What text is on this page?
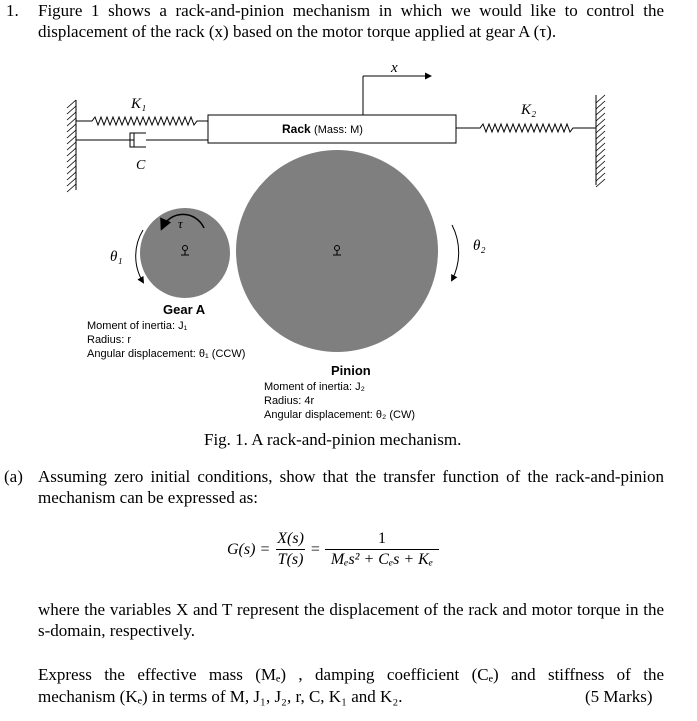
1. Figure 1 shows a rack-and-pinion mechanism in which we would like to control the
displacement of the rack (x) based on the motor torque applied at gear A (τ).
x
K₁	K₂
C
Rack (Mass: M)
τ
θ₁
θ₂
Gear A
Moment of inertia: J₁
Radius: r
Angular displacement: θ₁ (CCW)
Pinion
Moment of inertia: J₂
Radius: 4r
Angular displacement: θ₂ (CW)
Fig. 1. A rack-and-pinion mechanism.
(a) Assuming zero initial conditions, show that the transfer function of the rack-and-pinion
mechanism can be expressed as:
$G(s) = \frac{X(s)}{T(s)} = \frac{1}{\text{Mₑs² + Cₑs + Kₑ}}$
where the variables X and T represent the displacement of the rack and motor torque in the
s-domain, respectively.
Express the effective mass (Mₑ) , damping coefficient (Cₑ) and stiffness of the
mechanism (Kₑ) in terms of M, J₁, J₂, r, C, K₁ and K₂.	(5 Marks)
